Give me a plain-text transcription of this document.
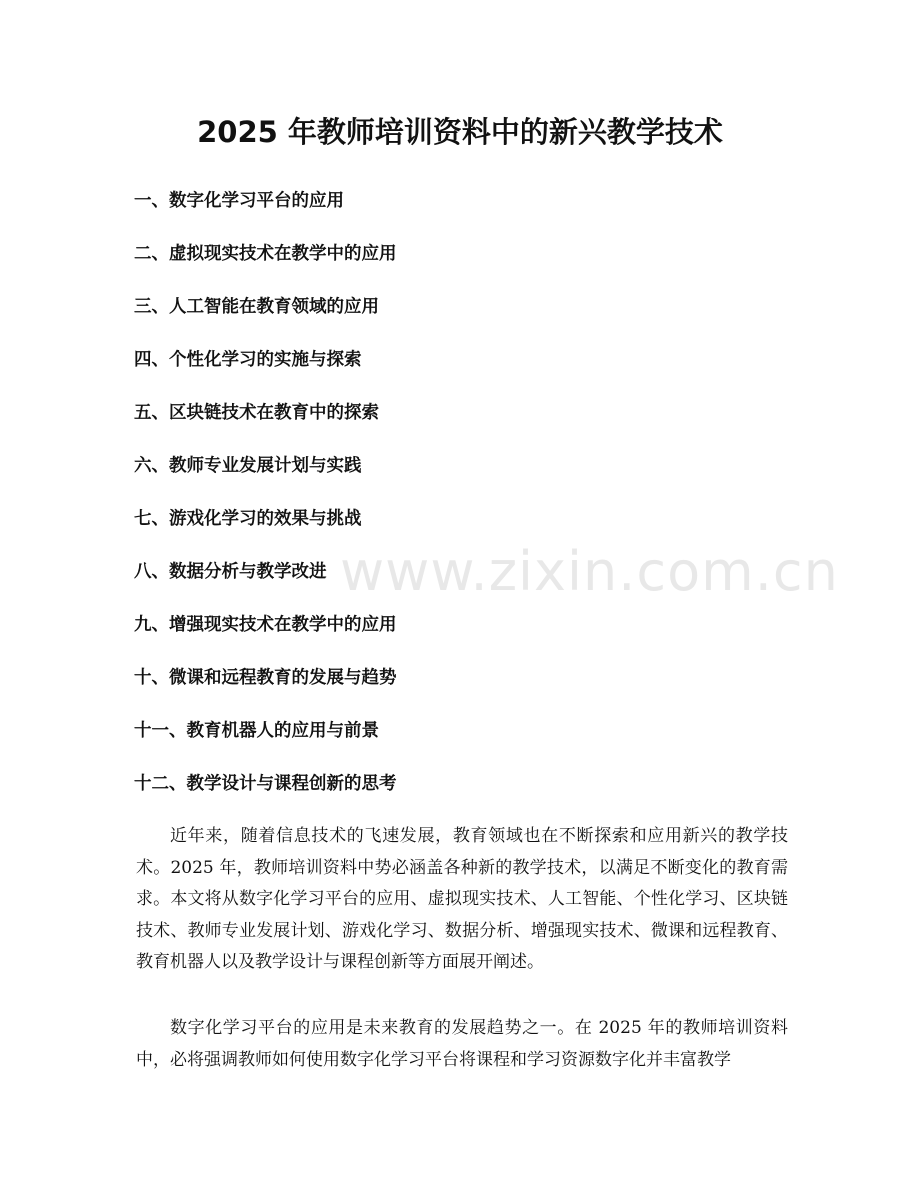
2025 年教师培训资料中的新兴教学技术
一、数字化学习平台的应用
二、虚拟现实技术在教学中的应用
三、人工智能在教育领域的应用
四、个性化学习的实施与探索
五、区块链技术在教育中的探索
六、教师专业发展计划与实践
七、游戏化学习的效果与挑战
八、数据分析与教学改进
九、增强现实技术在教学中的应用
十、微课和远程教育的发展与趋势
十一、教育机器人的应用与前景
十二、教学设计与课程创新的思考

近年来，随着信息技术的飞速发展，教育领域也在不断探索和应用新兴的教学技术。2025 年，教师培训资料中势必涵盖各种新的教学技术，以满足不断变化的教育需求。本文将从数字化学习平台的应用、虚拟现实技术、人工智能、个性化学习、区块链技术、教师专业发展计划、游戏化学习、数据分析、增强现实技术、微课和远程教育、教育机器人以及教学设计与课程创新等方面展开阐述。

数字化学习平台的应用是未来教育的发展趋势之一。在 2025 年的教师培训资料中，必将强调教师如何使用数字化学习平台将课程和学习资源数字化并丰富教学

www.zixin.com.cn
